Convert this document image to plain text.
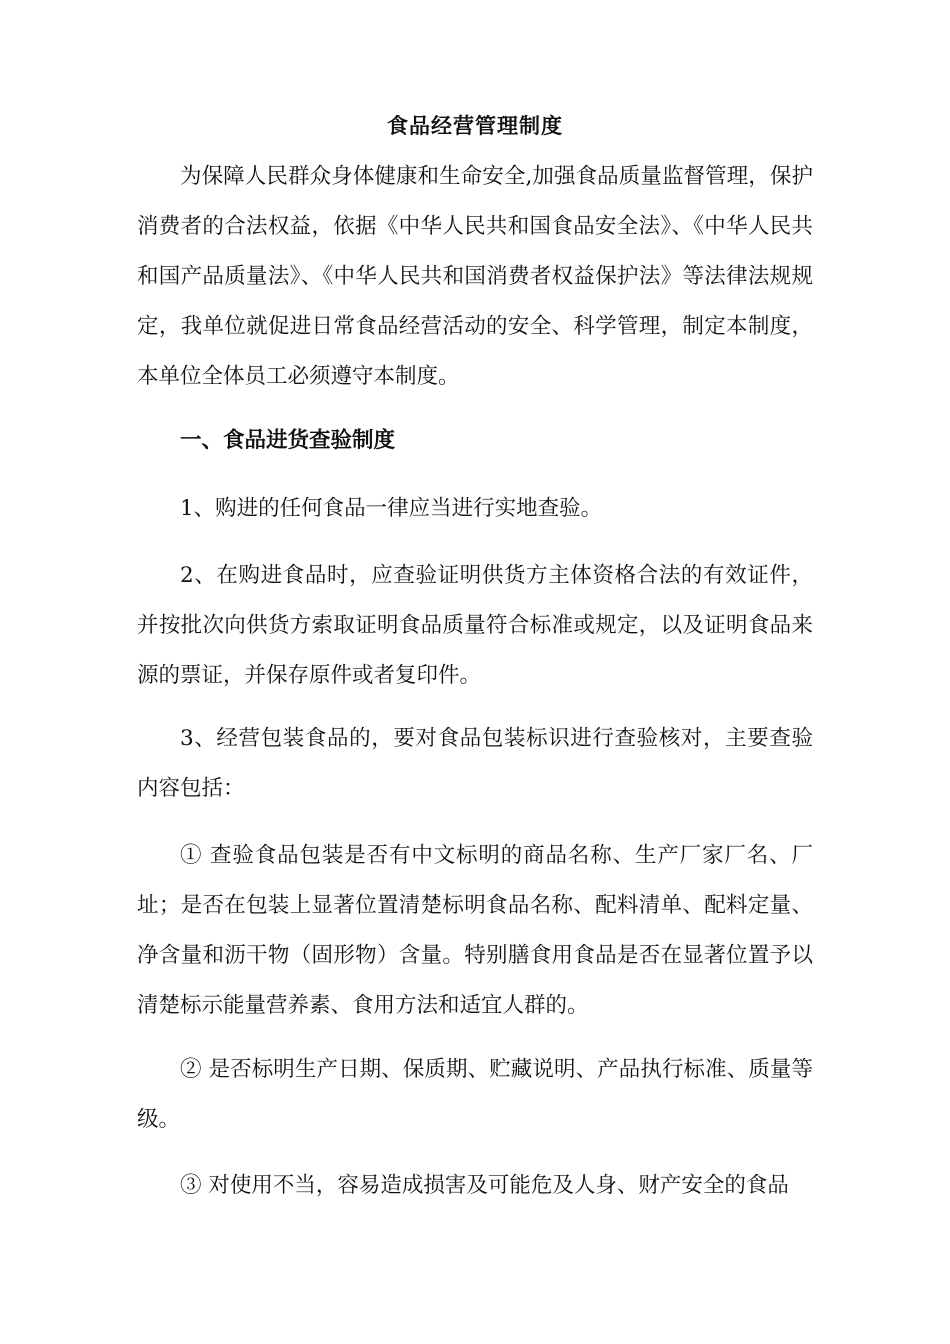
食品经营管理制度

为保障人民群众身体健康和生命安全,加强食品质量监督管理，保护消费者的合法权益，依据《中华人民共和国食品安全法》、《中华人民共和国产品质量法》、《中华人民共和国消费者权益保护法》等法律法规规定，我单位就促进日常食品经营活动的安全、科学管理，制定本制度，本单位全体员工必须遵守本制度。

一、食品进货查验制度

1、购进的任何食品一律应当进行实地查验。

2、在购进食品时，应查验证明供货方主体资格合法的有效证件，并按批次向供货方索取证明食品质量符合标准或规定，以及证明食品来源的票证，并保存原件或者复印件。

3、经营包装食品的，要对食品包装标识进行查验核对，主要查验内容包括：

① 查验食品包装是否有中文标明的商品名称、生产厂家厂名、厂址；是否在包装上显著位置清楚标明食品名称、配料清单、配料定量、净含量和沥干物（固形物）含量。特别膳食用食品是否在显著位置予以清楚标示能量营养素、食用方法和适宜人群的。

② 是否标明生产日期、保质期、贮藏说明、产品执行标准、质量等级。

③ 对使用不当，容易造成损害及可能危及人身、财产安全的食品
